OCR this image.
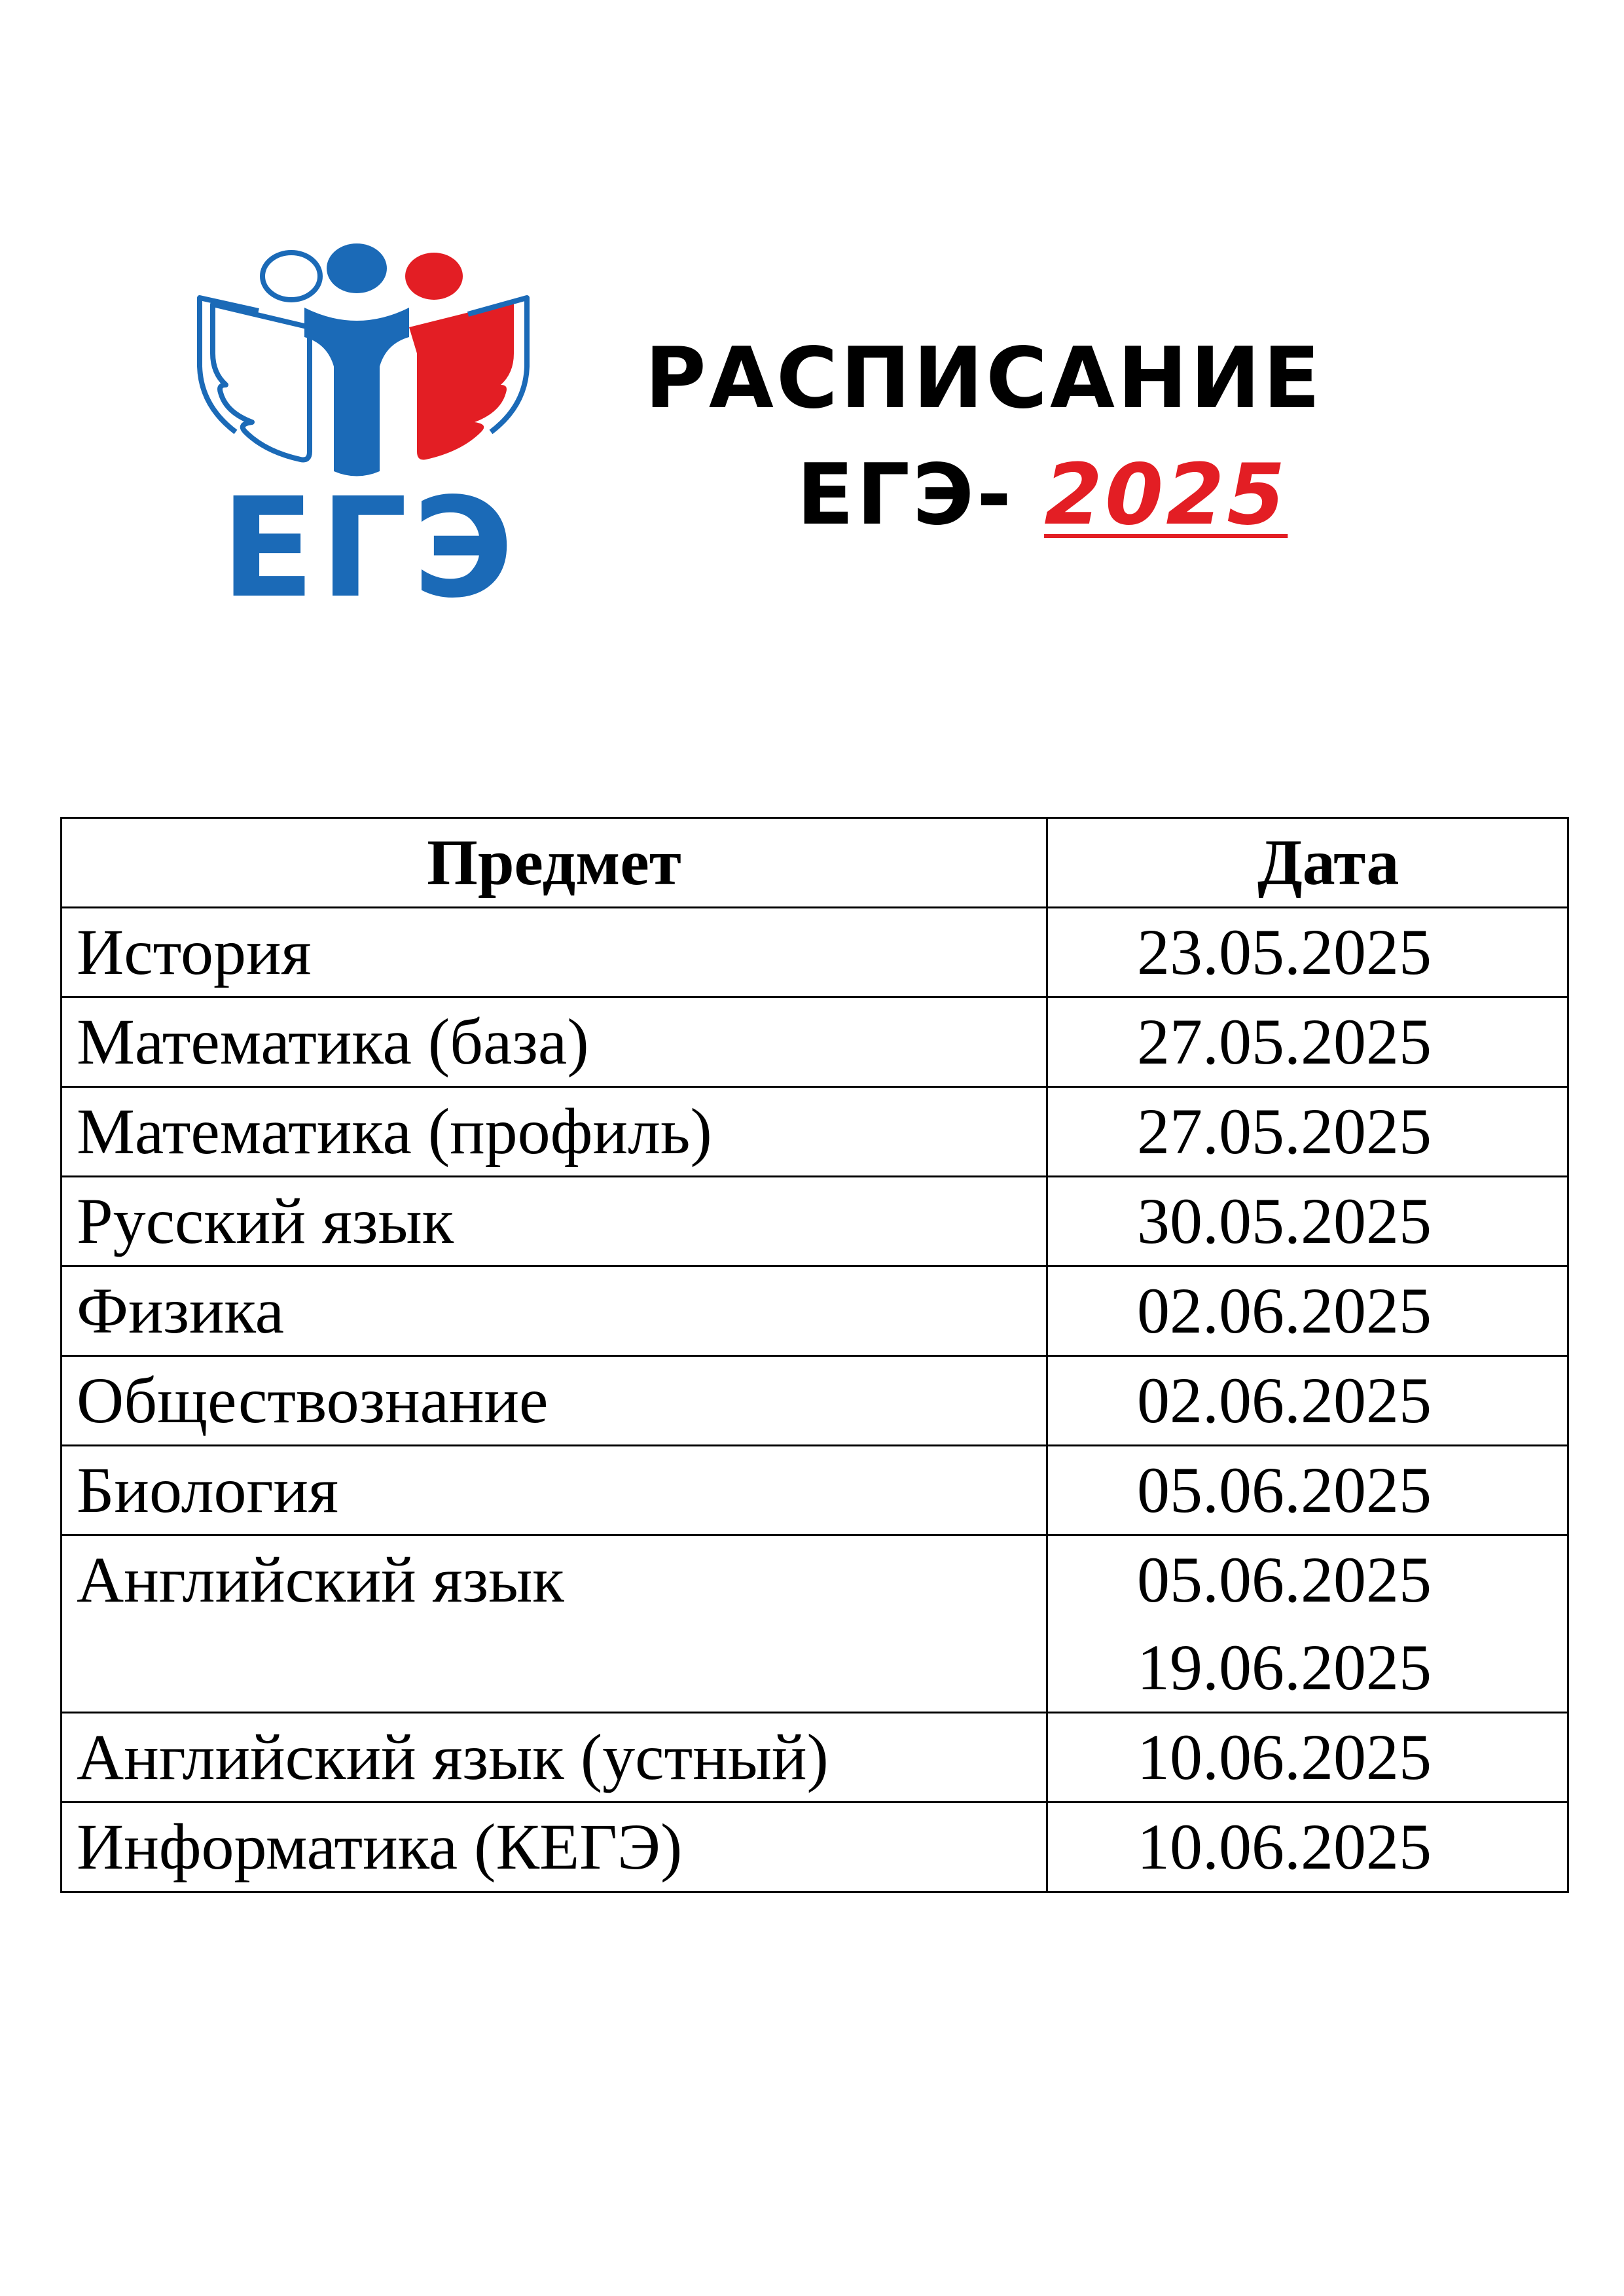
ЕГЭ
РАСПИСАНИЕ
ЕГЭ- 2025
Предмет	Дата
История	23.05.2025

Математика (база)	27.05.2025

Математика (профиль)	27.05.2025

Русский язык	30.05.2025

Физика	02.06.2025

Обществознание	02.06.2025

Биология	05.06.2025

Английский язык	05.06.2025
19.06.2025

Английский язык (устный)	10.06.2025

Информатика (КЕГЭ)	10.06.2025
